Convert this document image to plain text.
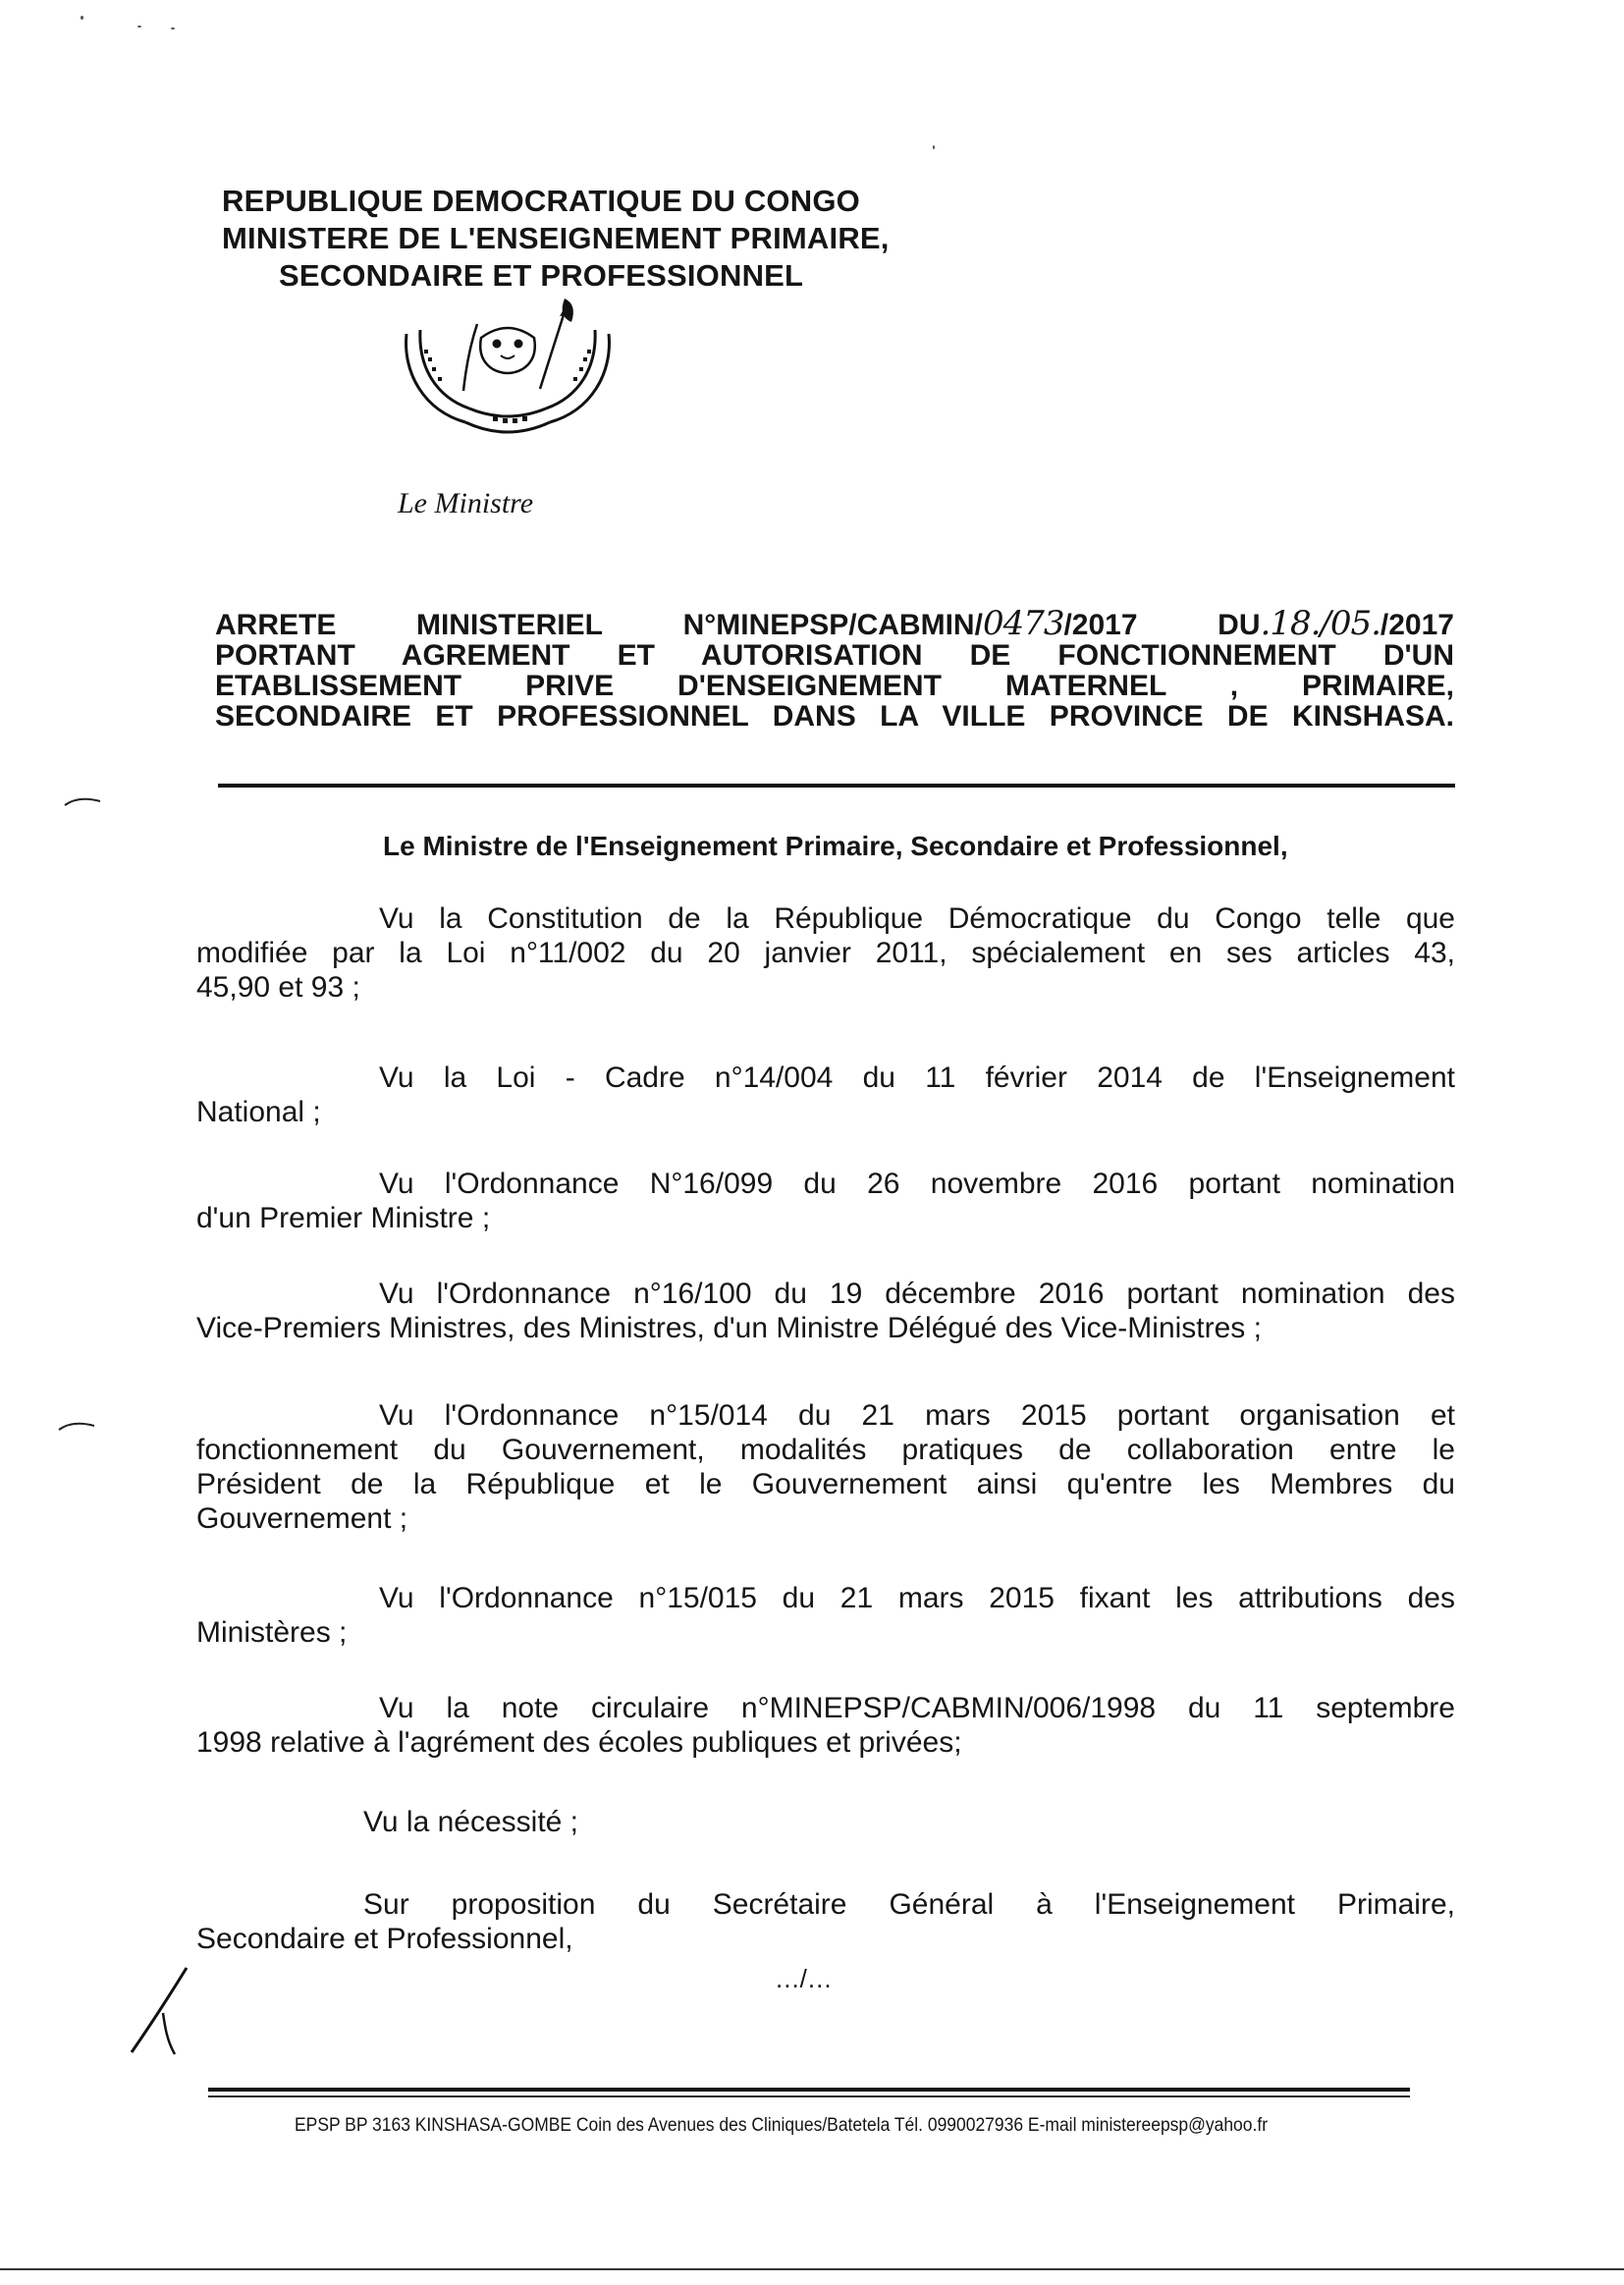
REPUBLIQUE DEMOCRATIQUE DU CONGO
MINISTERE DE L'ENSEIGNEMENT PRIMAIRE,
SECONDAIRE ET PROFESSIONNEL
Le Ministre
ARRETE	MINISTERIEL	N°MINEPSP/CABMIN/0473/2017	DU.18./05./2017
PORTANT AGREMENT ET AUTORISATION DE FONCTIONNEMENT D'UN
ETABLISSEMENT PRIVE D'ENSEIGNEMENT MATERNEL , PRIMAIRE,
SECONDAIRE ET PROFESSIONNEL DANS LA VILLE PROVINCE DE KINSHASA.
Le Ministre de l'Enseignement Primaire, Secondaire et Professionnel,
Vu la Constitution de la République Démocratique du Congo telle que
modifiée par la Loi n°11/002 du 20 janvier 2011, spécialement en ses articles 43,
45,90 et 93 ;
Vu la Loi - Cadre n°14/004 du 11 février 2014 de l'Enseignement
National ;
Vu l'Ordonnance N°16/099 du 26 novembre 2016 portant nomination
d'un Premier Ministre ;
Vu l'Ordonnance n°16/100 du 19 décembre 2016 portant nomination des
Vice-Premiers Ministres, des Ministres, d'un Ministre Délégué des Vice-Ministres ;
Vu l'Ordonnance n°15/014 du 21 mars 2015 portant organisation et
fonctionnement du Gouvernement, modalités pratiques de collaboration entre le
Président de la République et le Gouvernement ainsi qu'entre les Membres du
Gouvernement ;
Vu l'Ordonnance n°15/015 du 21 mars 2015 fixant les attributions des
Ministères ;
Vu la note circulaire n°MINEPSP/CABMIN/006/1998 du 11 septembre
1998 relative à l'agrément des écoles publiques et privées;
Vu la nécessité ;
Sur proposition du Secrétaire Général à l'Enseignement Primaire,
Secondaire et Professionnel,
.../...
EPSP BP 3163 KINSHASA-GOMBE Coin des Avenues des Cliniques/Batetela Tél. 0990027936 E-mail ministereepsp@yahoo.fr
